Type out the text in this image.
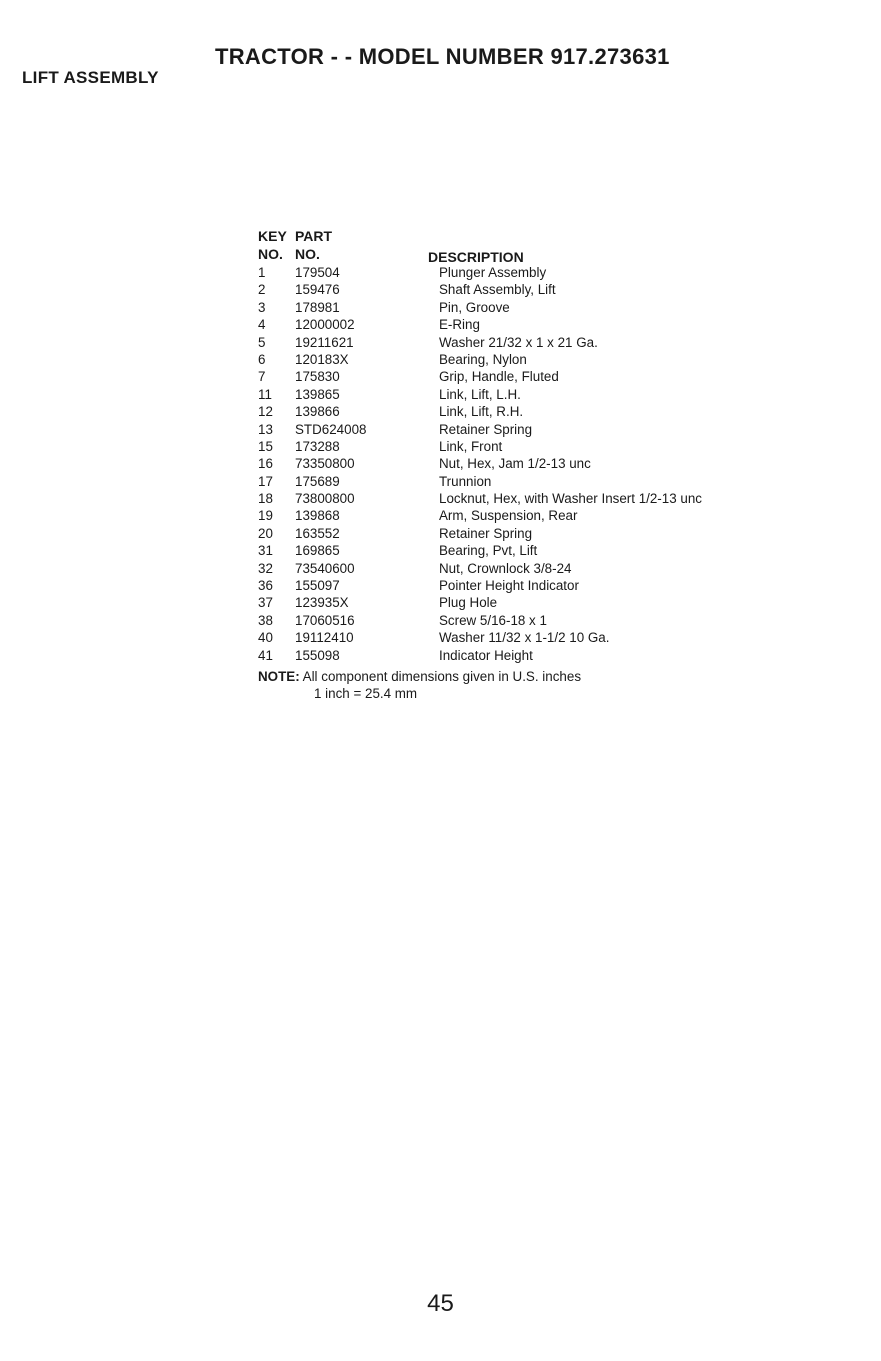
TRACTOR - - MODEL NUMBER 917.273631
LIFT ASSEMBLY
KEY PART
NO. NO.	DESCRIPTION
1 179504	Plunger Assembly
2 159476	Shaft Assembly, Lift
3 178981	Pin, Groove
4 12000002	E-Ring
5 19211621	Washer 21/32 x 1 x 21 Ga.
6 120183X	Bearing, Nylon
7 175830	Grip, Handle, Fluted
11 139865	Link, Lift, L.H.
12 139866	Link, Lift, R.H.
13 STD624008	Retainer Spring
15 173288	Link, Front
16 73350800	Nut, Hex, Jam 1/2-13 unc
17 175689	Trunnion
18 73800800	Locknut, Hex, with Washer Insert 1/2-13 unc
19 139868	Arm, Suspension, Rear
20 163552	Retainer Spring
31 169865	Bearing, Pvt, Lift
32 73540600	Nut, Crownlock 3/8-24
36 155097	Pointer Height Indicator
37 123935X	Plug Hole
38 17060516	Screw 5/16-18 x 1
40 19112410	Washer 11/32 x 1-1/2 10 Ga.
41 155098	Indicator Height
NOTE: All component dimensions given in U.S. inches
1 inch = 25.4 mm
45
